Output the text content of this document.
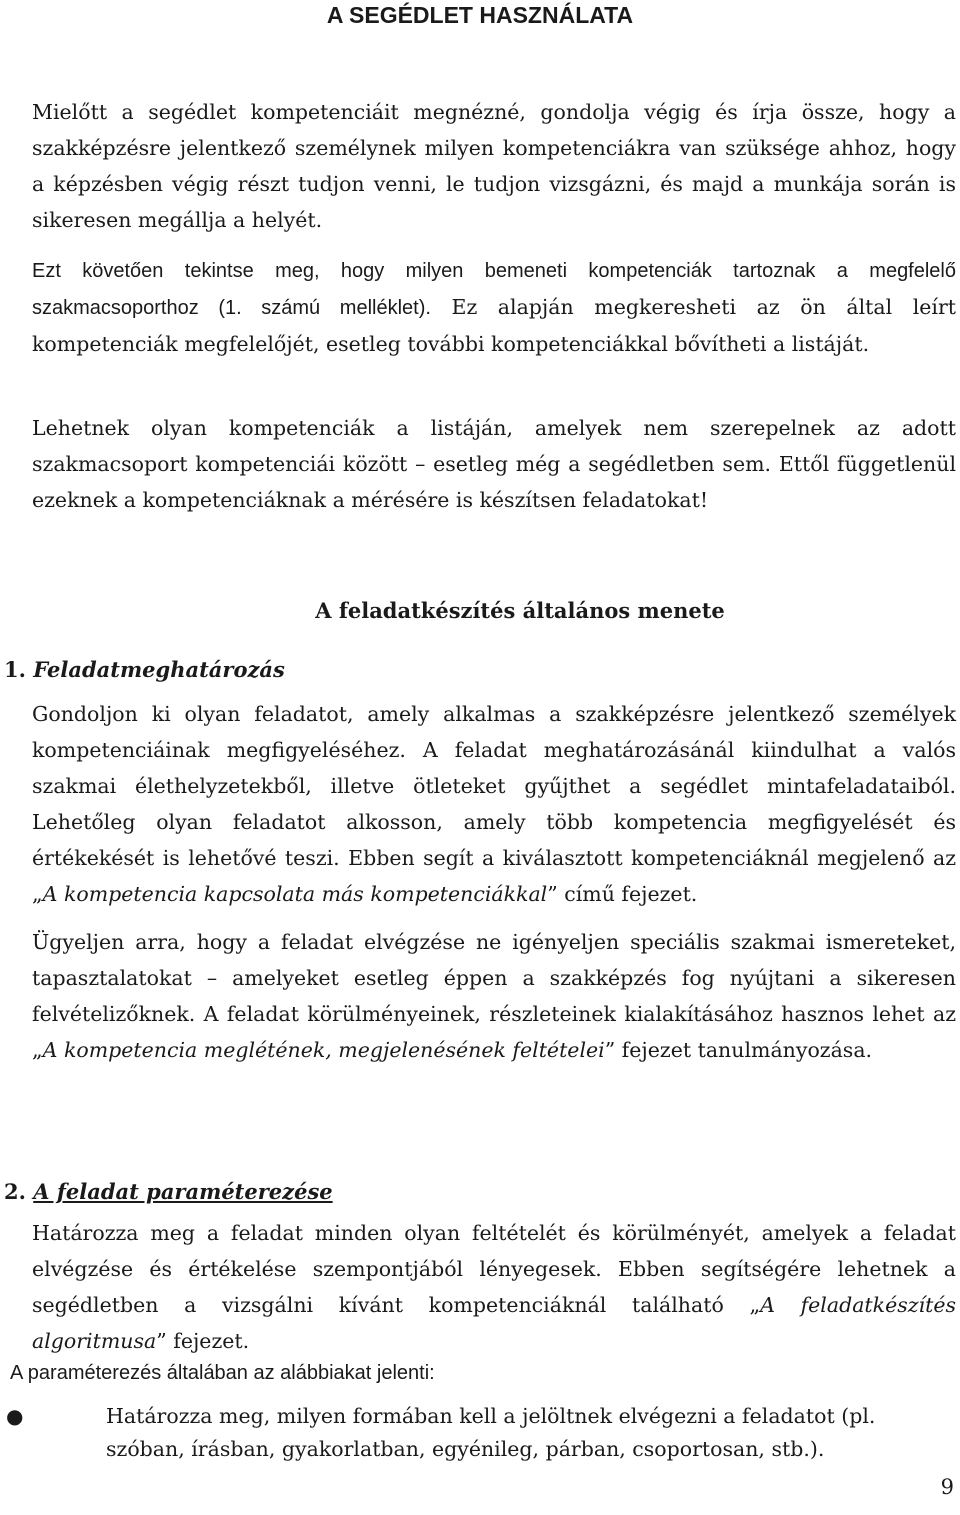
A SEGÉDLET HASZNÁLATA

Mielőtt a segédlet kompetenciáit megnézné, gondolja végig és írja össze, hogy a szakképzésre jelentkező személynek milyen kompetenciákra van szüksége ahhoz, hogy a képzésben végig részt tudjon venni, le tudjon vizsgázni, és majd a munkája során is sikeresen megállja a helyét.

Ezt követően tekintse meg, hogy milyen bemeneti kompetenciák tartoznak a megfelelő szakmacsoporthoz (1. számú melléklet). Ez alapján megkeresheti az ön által leírt kompetenciák megfelelőjét, esetleg további kompetenciákkal bővítheti a listáját.

Lehetnek olyan kompetenciák a listáján, amelyek nem szerepelnek az adott szakmacsoport kompetenciái között – esetleg még a segédletben sem. Ettől függetlenül ezeknek a kompetenciáknak a mérésére is készítsen feladatokat!

A feladatkészítés általános menete
1. Feladatmeghatározás

Gondoljon ki olyan feladatot, amely alkalmas a szakképzésre jelentkező személyek kompetenciáinak megfigyeléséhez. A feladat meghatározásánál kiindulhat a valós szakmai élethelyzetekből, illetve ötleteket gyűjthet a segédlet mintafeladataiból. Lehetőleg olyan feladatot alkosson, amely több kompetencia megfigyelését és értékekését is lehetővé teszi. Ebben segít a kiválasztott kompetenciáknál megjelenő az „A kompetencia kapcsolata más kompetenciákkal” című fejezet.

Ügyeljen arra, hogy a feladat elvégzése ne igényeljen speciális szakmai ismereteket, tapasztalatokat – amelyeket esetleg éppen a szakképzés fog nyújtani a sikeresen felvételizőknek. A feladat körülményeinek, részleteinek kialakításához hasznos lehet az „A kompetencia meglétének, megjelenésének feltételei” fejezet tanulmányozása.

2. A feladat paraméterezése

Határozza meg a feladat minden olyan feltételét és körülményét, amelyek a feladat elvégzése és értékelése szempontjából lényegesek. Ebben segítségére lehetnek a segédletben a vizsgálni kívánt kompetenciáknál található „A feladatkészítés algoritmusa” fejezet.

A paraméterezés általában az alábbiakat jelenti:

●	Határozza meg, milyen formában kell a jelöltnek elvégezni a feladatot (pl. szóban, írásban, gyakorlatban, egyénileg, párban, csoportosan, stb.).
9
